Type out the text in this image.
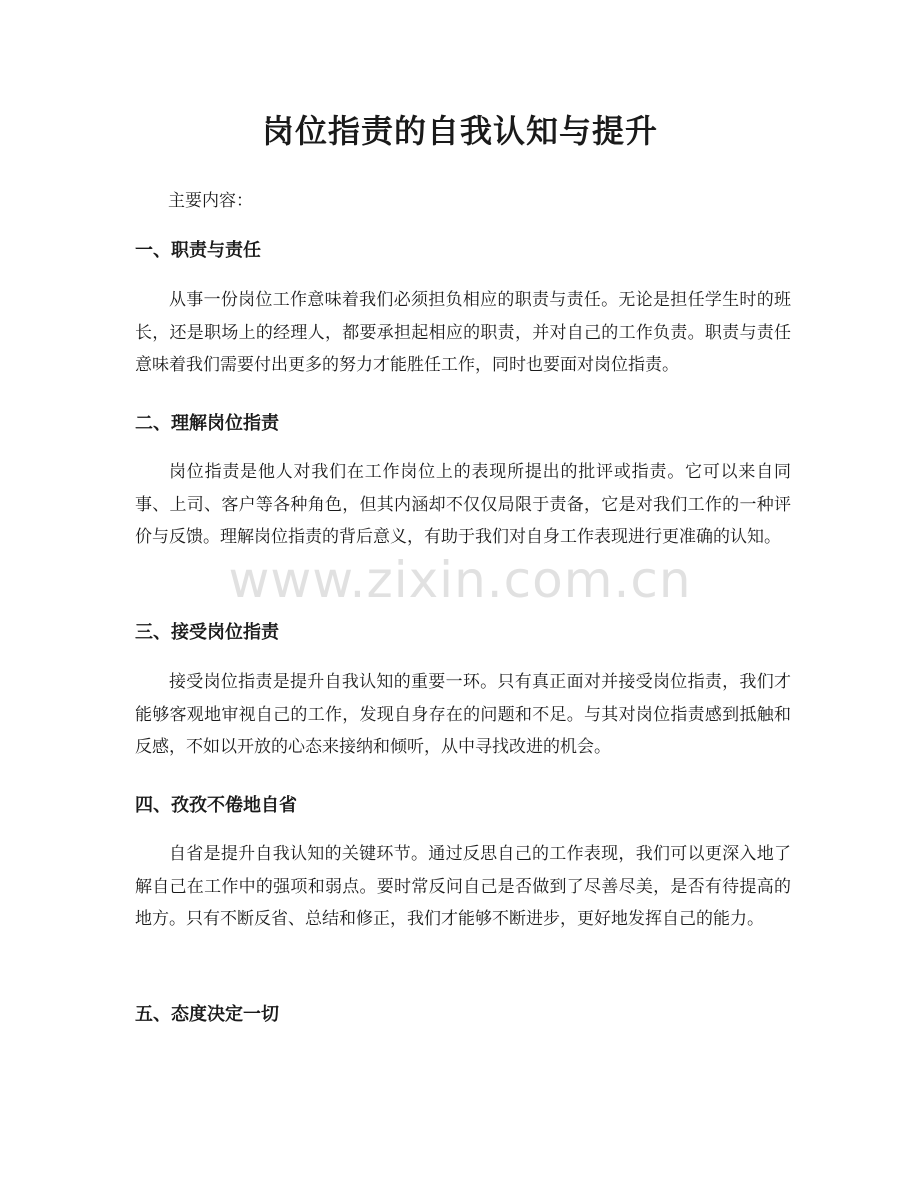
岗位指责的自我认知与提升

主要内容：

一、职责与责任

从事一份岗位工作意味着我们必须担负相应的职责与责任。无论是担任学生时的班长，还是职场上的经理人，都要承担起相应的职责，并对自己的工作负责。职责与责任意味着我们需要付出更多的努力才能胜任工作，同时也要面对岗位指责。

二、理解岗位指责

岗位指责是他人对我们在工作岗位上的表现所提出的批评或指责。它可以来自同事、上司、客户等各种角色，但其内涵却不仅仅局限于责备，它是对我们工作的一种评价与反馈。理解岗位指责的背后意义，有助于我们对自身工作表现进行更准确的认知。

www.zixin.com.cn
三、接受岗位指责

接受岗位指责是提升自我认知的重要一环。只有真正面对并接受岗位指责，我们才能够客观地审视自己的工作，发现自身存在的问题和不足。与其对岗位指责感到抵触和反感，不如以开放的心态来接纳和倾听，从中寻找改进的机会。

四、孜孜不倦地自省

自省是提升自我认知的关键环节。通过反思自己的工作表现，我们可以更深入地了解自己在工作中的强项和弱点。要时常反问自己是否做到了尽善尽美，是否有待提高的地方。只有不断反省、总结和修正，我们才能够不断进步，更好地发挥自己的能力。

五、态度决定一切
